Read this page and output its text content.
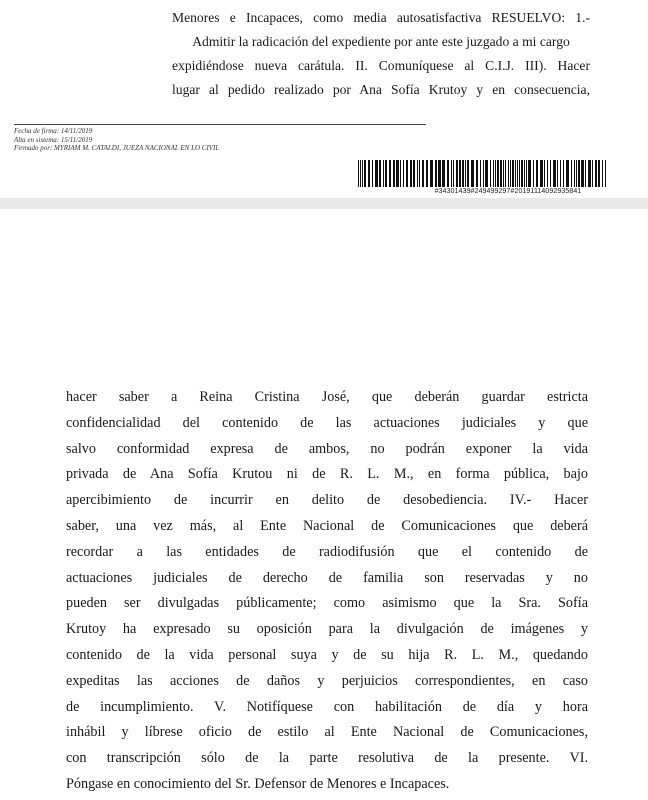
Menores e Incapaces, como media autosatisfactiva RESUELVO: 1.-
Admitir la radicación del expediente por ante este juzgado a mi cargo
expidiéndose nueva carátula. II. Comuníquese al C.I.J. III). Hacer
lugar al pedido realizado por Ana Sofía Krutoy y en consecuencia,
Fecha de firma: 14/11/2019
Alta en sistema: 15/11/2019
Firmado por: MYRIAM M. CATALDI, JUEZA NACIONAL EN LO CIVIL
#34301439#249499297#20191114092935841
hacer saber a Reina Cristina José, que deberán guardar estricta
confidencialidad del contenido de las actuaciones judiciales y que
salvo conformidad expresa de ambos, no podrán exponer la vida
privada de Ana Sofía Krutou ni de R. L. M., en forma pública, bajo
apercibimiento de incurrir en delito de desobediencia. IV.- Hacer
saber, una vez más, al Ente Nacional de Comunicaciones que deberá
recordar a las entidades de radiodifusión que el contenido de
actuaciones judiciales de derecho de familia son reservadas y no
pueden ser divulgadas públicamente; como asimismo que la Sra. Sofía
Krutoy ha expresado su oposición para la divulgación de imágenes y
contenido de la vida personal suya y de su hija R. L. M., quedando
expeditas las acciones de daños y perjuicios correspondientes, en caso
de incumplimiento. V. Notifíquese con habilitación de día y hora
inhábil y líbrese oficio de estilo al Ente Nacional de Comunicaciones,
con transcripción sólo de la parte resolutiva de la presente. VI.
Póngase en conocimiento del Sr. Defensor de Menores e Incapaces.
